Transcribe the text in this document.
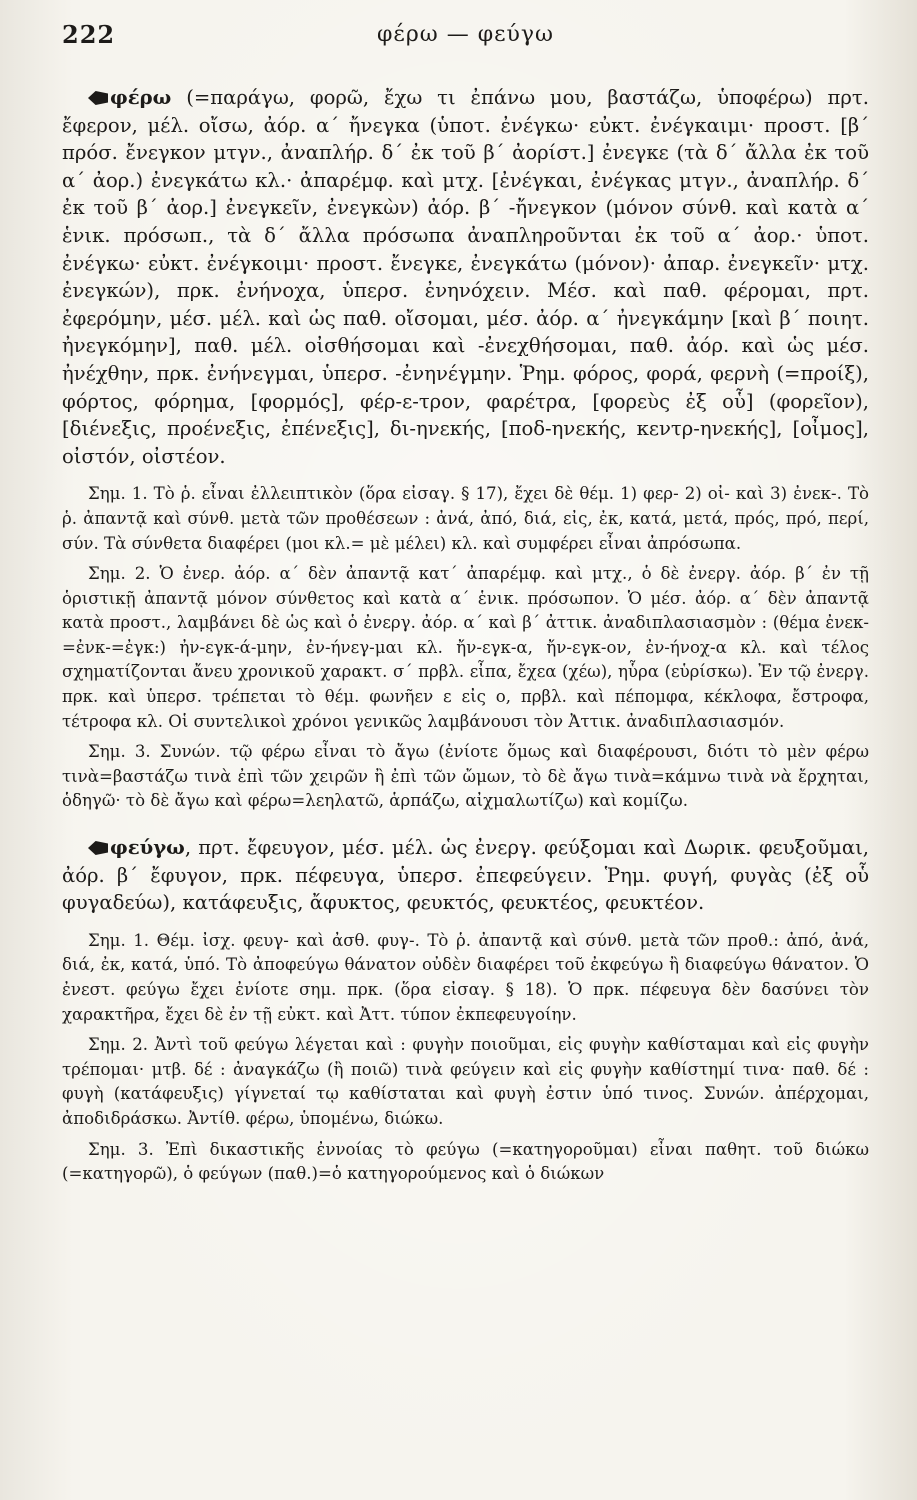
222	φέρω — φεύγω

φέρω (=παράγω, φορῶ, ἔχω τι ἐπάνω μου, βαστάζω, ὑποφέρω) πρτ. ἔφερον, μέλ. οἴσω, ἀόρ. α΄ ἤνεγκα (ὑποτ. ἐνέγκω· εὐκτ. ἐνέγκαιμι· προστ. [β΄ πρόσ. ἔνεγκον μτγν., ἀναπλήρ. δ΄ ἐκ τοῦ β΄ ἀορίστ.] ἐνεγκε (τὰ δ΄ ἄλλα ἐκ τοῦ α΄ ἀορ.) ἐνεγκάτω κλ.· ἀπαρέμφ. καὶ μτχ. [ἐνέγκαι, ἐνέγκας μτγν., ἀναπλήρ. δ΄ ἐκ τοῦ β΄ ἀορ.] ἐνεγκεῖν, ἐνεγκὼν) ἀόρ. β΄ -ἤνεγκον (μόνον σύνθ. καὶ κατὰ α΄ ἑνικ. πρόσωπ., τὰ δ΄ ἄλλα πρόσωπα ἀναπληροῦνται ἐκ τοῦ α΄ ἀορ.· ὑποτ. ἐνέγκω· εὐκτ. ἐνέγκοιμι· προστ. ἔνεγκε, ἐνεγκάτω (μόνον)· ἀπαρ. ἐνεγκεῖν· μτχ. ἐνεγκών), πρκ. ἐνήνοχα, ὑπερσ. ἐνηνόχειν. Μέσ. καὶ παθ. φέρομαι, πρτ. ἐφερόμην, μέσ. μέλ. καὶ ὡς παθ. οἴσομαι, μέσ. ἀόρ. α΄ ἠνεγκάμην [καὶ β΄ ποιητ. ἠνεγκόμην], παθ. μέλ. οἰσθήσομαι καὶ -ἐνεχθήσομαι, παθ. ἀόρ. καὶ ὡς μέσ. ἠνέχθην, πρκ. ἐνήνεγμαι, ὑπερσ. -ἐνηνέγμην. Ῥημ. φόρος, φορά, φερνὴ (=προίξ), φόρτος, φόρημα, [φορμός], φέρ-ε-τρον, φαρέτρα, [φορεὺς ἐξ οὗ] (φορεῖον), [διένεξις, προένεξις, ἐπένεξις], δι-ηνεκής, [ποδ-ηνεκής, κεντρ-ηνεκής], [οἶμος], οἰστόν, οἰστέον.

Σημ. 1. Τὸ ῥ. εἶναι ἐλλειπτικὸν (ὅρα εἰσαγ. § 17), ἔχει δὲ θέμ. 1) φερ- 2) οἰ- καὶ 3) ἐνεκ-. Τὸ ῥ. ἀπαντᾷ καὶ σύνθ. μετὰ τῶν προθέσεων : ἀνά, ἀπό, διά, εἰς, ἐκ, κατά, μετά, πρός, πρό, περί, σύν. Τὰ σύνθετα διαφέρει (μοι κλ.= μὲ μέλει) κλ. καὶ συμφέρει εἶναι ἀπρόσωπα.

Σημ. 2. Ὁ ἐνερ. ἀόρ. α΄ δὲν ἀπαντᾷ κατ΄ ἀπαρέμφ. καὶ μτχ., ὁ δὲ ἐνεργ. ἀόρ. β΄ ἐν τῇ ὁριστικῇ ἀπαντᾷ μόνον σύνθετος καὶ κατὰ α΄ ἑνικ. πρόσωπον. Ὁ μέσ. ἀόρ. α΄ δὲν ἀπαντᾷ κατὰ προστ., λαμβάνει δὲ ὡς καὶ ὁ ἐνεργ. ἀόρ. α΄ καὶ β΄ ἀττικ. ἀναδιπλασιασμὸν : (θέμα ἐνεκ-=ἐνκ-=ἐγκ:) ἠν-εγκ-ά-μην, ἐν-ήνεγ-μαι κλ. ἤν-εγκ-α, ἤν-εγκ-ον, ἐν-ήνοχ-α κλ. καὶ τέλος σχηματίζονται ἄνευ χρονικοῦ χαρακτ. σ΄ πρβλ. εἶπα, ἔχεα (χέω), ηὗρα (εὑρίσκω). Ἐν τῷ ἐνεργ. πρκ. καὶ ὑπερσ. τρέπεται τὸ θέμ. φωνῆεν ε εἰς ο, πρβλ. καὶ πέπομφα, κέκλοφα, ἔστροφα, τέτροφα κλ. Οἱ συντελικοὶ χρόνοι γενικῶς λαμβάνουσι τὸν Ἀττικ. ἀναδιπλασιασμόν.

Σημ. 3. Συνών. τῷ φέρω εἶναι τὸ ἄγω (ἐνίοτε ὅμως καὶ διαφέρουσι, διότι τὸ μὲν φέρω τινὰ=βαστάζω τινὰ ἐπὶ τῶν χειρῶν ἢ ἐπὶ τῶν ὤμων, τὸ δὲ ἄγω τινὰ=κάμνω τινὰ νὰ ἔρχηται, ὁδηγῶ· τὸ δὲ ἄγω καὶ φέρω=λεηλατῶ, ἁρπάζω, αἰχμαλωτίζω) καὶ κομίζω.

φεύγω, πρτ. ἔφευγον, μέσ. μέλ. ὡς ἐνεργ. φεύξομαι καὶ Δωρικ. φευξοῦμαι, ἀόρ. β΄ ἔφυγον, πρκ. πέφευγα, ὑπερσ. ἐπεφεύγειν. Ῥημ. φυγή, φυγὰς (ἐξ οὗ φυγαδεύω), κατάφευξις, ἄφυκτος, φευκτός, φευκτέος, φευκτέον.

Σημ. 1. Θέμ. ἰσχ. φευγ- καὶ ἀσθ. φυγ-. Τὸ ῥ. ἀπαντᾷ καὶ σύνθ. μετὰ τῶν προθ.: ἀπό, ἀνά, διά, ἐκ, κατά, ὑπό. Τὸ ἀποφεύγω θάνατον οὐδὲν διαφέρει τοῦ ἐκφεύγω ἢ διαφεύγω θάνατον. Ὁ ἐνεστ. φεύγω ἔχει ἐνίοτε σημ. πρκ. (ὅρα εἰσαγ. § 18). Ὁ πρκ. πέφευγα δὲν δασύνει τὸν χαρακτῆρα, ἔχει δὲ ἐν τῇ εὐκτ. καὶ Ἀττ. τύπον ἐκπεφευγοίην.

Σημ. 2. Ἀντὶ τοῦ φεύγω λέγεται καὶ : φυγὴν ποιοῦμαι, εἰς φυγὴν καθίσταμαι καὶ εἰς φυγὴν τρέπομαι· μτβ. δέ : ἀναγκάζω (ἢ ποιῶ) τινὰ φεύγειν καὶ εἰς φυγὴν καθίστημί τινα· παθ. δέ : φυγὴ (κατάφευξις) γίγνεταί τῳ καθίσταται καὶ φυγὴ ἐστιν ὑπό τινος. Συνών. ἀπέρχομαι, ἀποδιδράσκω. Ἀντίθ. φέρω, ὑπομένω, διώκω.

Σημ. 3. Ἐπὶ δικαστικῆς ἐννοίας τὸ φεύγω (=κατηγοροῦμαι) εἶναι παθητ. τοῦ διώκω (=κατηγορῶ), ὁ φεύγων (παθ.)=ὁ κατηγορούμενος καὶ ὁ διώκων
